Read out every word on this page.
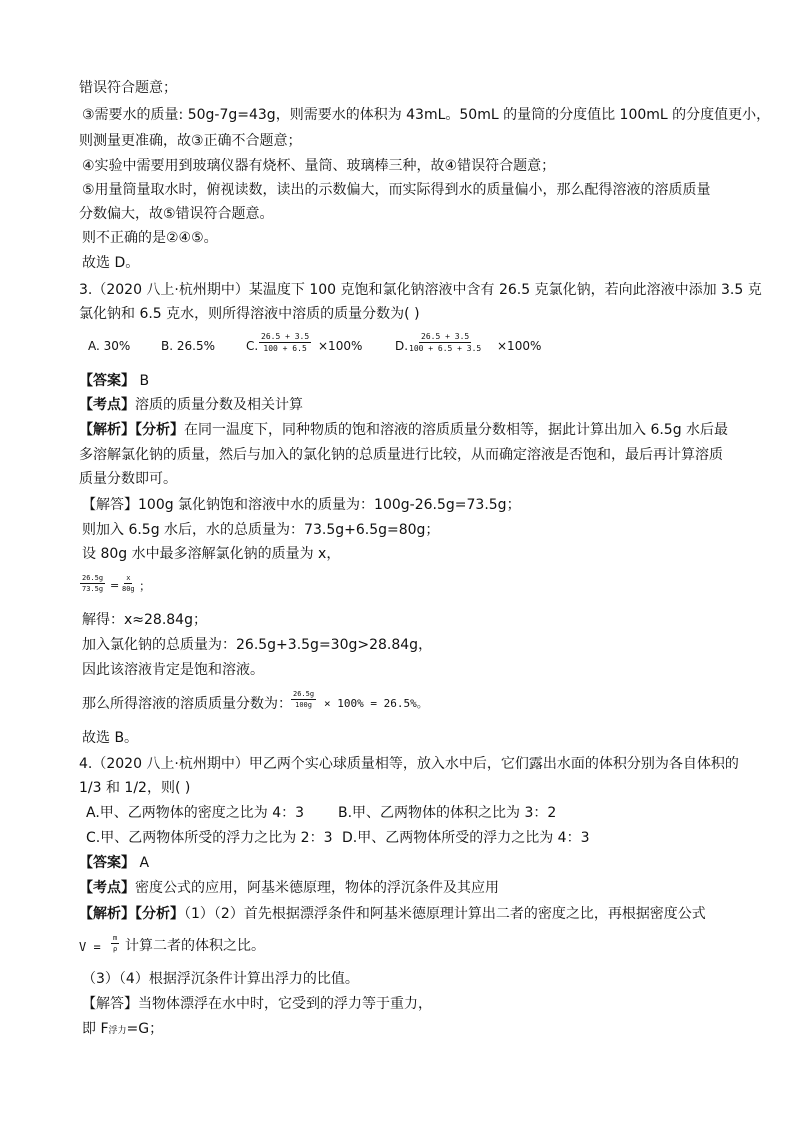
错误符合题意；
③需要水的质量: 50g-7g=43g，则需要水的体积为 43mL。50mL 的量筒的分度值比 100mL 的分度值更小，
则测量更准确，故③正确不合题意；
④实验中需要用到玻璃仪器有烧杯、量筒、玻璃棒三种，故④错误符合题意；
⑤用量筒量取水时，俯视读数，读出的示数偏大，而实际得到水的质量偏小，那么配得溶液的溶质质量
分数偏大，故⑤错误符合题意。
则不正确的是②④⑤。
故选 D。
3.（2020 八上·杭州期中）某温度下 100 克饱和氯化钠溶液中含有 26.5 克氯化钠，若向此溶液中添加 3.5 克
氯化钠和 6.5 克水，则所得溶液中溶质的质量分数为( )
A. 30%	B. 26.5%	C. $\frac{26.5 + 3.5}{100 + 6.5} \times 100\%$	D.
$\frac{26.5 + 3.5}{100 + 6.5 + 3.5} \times 100\%$
【答案】 B
【考点】溶质的质量分数及相关计算
【解析】【分析】在同一温度下，同种物质的饱和溶液的溶质质量分数相等，据此计算出加入 6.5g 水后最
多溶解氯化钠的质量，然后与加入的氯化钠的总质量进行比较，从而确定溶液是否饱和，最后再计算溶质
质量分数即可。
【解答】100g 氯化钠饱和溶液中水的质量为：100g-26.5g=73.5g；
则加入 6.5g 水后，水的总质量为：73.5g+6.5g=80g；
设 80g 水中最多溶解氯化钠的质量为 x，
$\frac{26.5g}{73.5g} = \frac{x}{80g}$ ；
解得：x≈28.84g；
加入氯化钠的总质量为：26.5g+3.5g=30g>28.84g，
因此该溶液肯定是饱和溶液。
那么所得溶液的溶质质量分数为： $\frac{26.5g}{100g} \times 100\% = 26.5\%$。
故选 B。
4.（2020 八上·杭州期中）甲乙两个实心球质量相等，放入水中后，它们露出水面的体积分别为各自体积的
1/3 和 1/2，则( )
A.甲、乙两物体的密度之比为 4：3 B.甲、乙两物体的体积之比为 3：2
C.甲、乙两物体所受的浮力之比为 2：3 D.甲、乙两物体所受的浮力之比为 4：3
【答案】 A
【考点】密度公式的应用，阿基米德原理，物体的浮沉条件及其应用
【解析】【分析】（1）（2）首先根据漂浮条件和阿基米德原理计算出二者的密度之比，再根据密度公式
$V = \frac{m}{\rho}$ 计算二者的体积之比。
（3）（4）根据浮沉条件计算出浮力的比值。
【解答】当物体漂浮在水中时，它受到的浮力等于重力，
即 F浮力=G；
